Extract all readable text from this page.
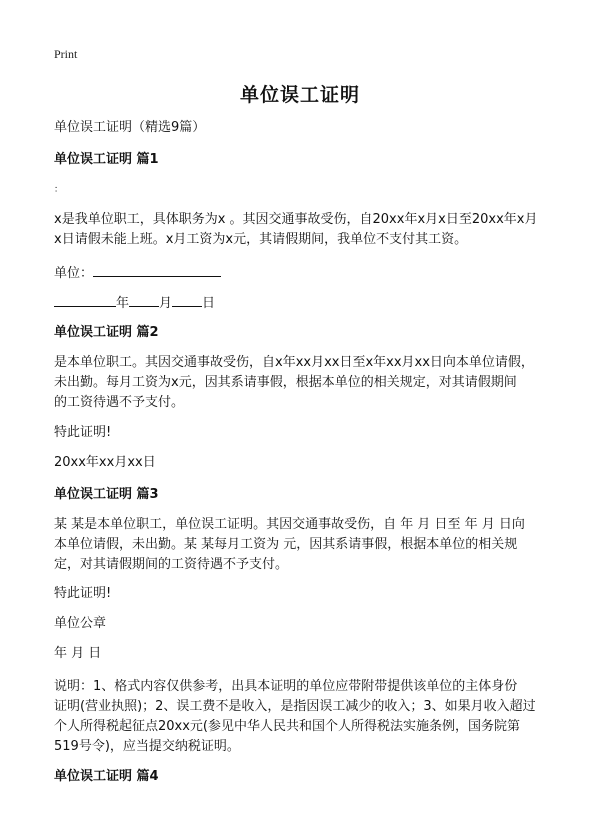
Print
单位误工证明
单位误工证明（精选9篇）
单位误工证明 篇1
：
x是我单位职工，具体职务为x 。其因交通事故受伤，自20xx年x月x日至20xx年x月
x日请假未能上班。x月工资为x元，其请假期间，我单位不支付其工资。
单位：
年 月 日
单位误工证明 篇2
是本单位职工。其因交通事故受伤，自x年xx月xx日至x年xx月xx日向本单位请假，
未出勤。每月工资为x元，因其系请事假，根据本单位的相关规定，对其请假期间
的工资待遇不予支付。
特此证明!
20xx年xx月xx日
单位误工证明 篇3
某 某是本单位职工，单位误工证明。其因交通事故受伤，自 年 月 日至 年 月 日向
本单位请假，未出勤。某 某每月工资为 元，因其系请事假，根据本单位的相关规
定，对其请假期间的工资待遇不予支付。
特此证明!
单位公章
年 月 日
说明：1、格式内容仅供参考，出具本证明的单位应带附带提供该单位的主体身份
证明(营业执照)；2、误工费不是收入，是指因误工减少的收入；3、如果月收入超过
个人所得税起征点20xx元(参见中华人民共和国个人所得税法实施条例，国务院第
519号令)，应当提交纳税证明。
单位误工证明 篇4
